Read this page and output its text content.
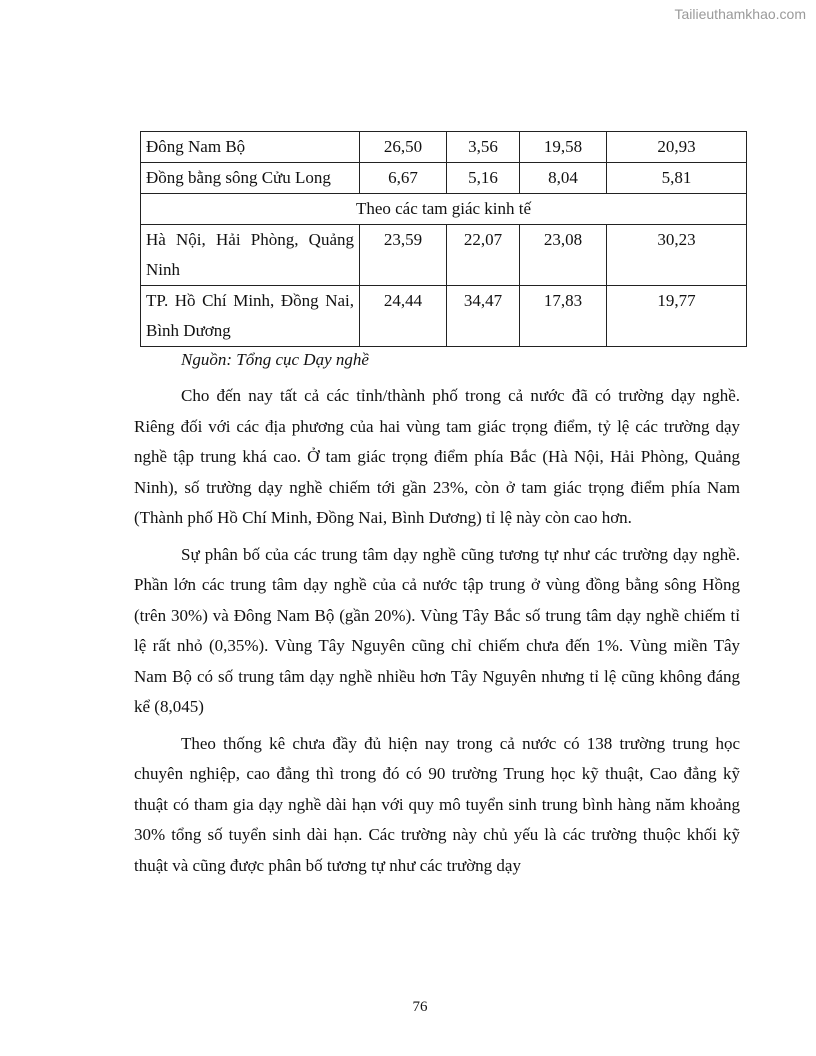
Tailieuthamkhao.com
Đông Nam Bộ	26,50	3,56	19,58	20,93
Đồng bằng sông Cửu Long	6,67	5,16	8,04	5,81
Theo các tam giác kinh tế				
Hà Nội, Hải Phòng, Quảng Ninh	23,59	22,07	23,08	30,23
TP. Hồ Chí Minh, Đồng Nai, Bình Dương	24,44	34,47	17,83	19,77
Nguồn: Tổng cục Dạy nghề

Cho đến nay tất cả các tỉnh/thành phố trong cả nước đã có trường dạy nghề. Riêng đối với các địa phương của hai vùng tam giác trọng điểm, tỷ lệ các trường dạy nghề tập trung khá cao. Ở tam giác trọng điểm phía Bắc (Hà Nội, Hải Phòng, Quảng Ninh), số trường dạy nghề chiếm tới gần 23%, còn ở tam giác trọng điểm phía Nam (Thành phố Hồ Chí Minh, Đồng Nai, Bình Dương) tỉ lệ này còn cao hơn.

Sự phân bố của các trung tâm dạy nghề cũng tương tự như các trường dạy nghề. Phần lớn các trung tâm dạy nghề của cả nước tập trung ở vùng đồng bằng sông Hồng (trên 30%) và Đông Nam Bộ (gần 20%). Vùng Tây Bắc số trung tâm dạy nghề chiếm tỉ lệ rất nhỏ (0,35%). Vùng Tây Nguyên cũng chỉ chiếm chưa đến 1%. Vùng miền Tây Nam Bộ có số trung tâm dạy nghề nhiều hơn Tây Nguyên nhưng tỉ lệ cũng không đáng kể (8,045)

Theo thống kê chưa đầy đủ hiện nay trong cả nước có 138 trường trung học chuyên nghiệp, cao đẳng thì trong đó có 90 trường Trung học kỹ thuật, Cao đẳng kỹ thuật có tham gia dạy nghề dài hạn với quy mô tuyển sinh trung bình hàng năm khoảng 30% tổng số tuyển sinh dài hạn. Các trường này chủ yếu là các trường thuộc khối kỹ thuật và cũng được phân bố tương tự như các trường dạy

76
